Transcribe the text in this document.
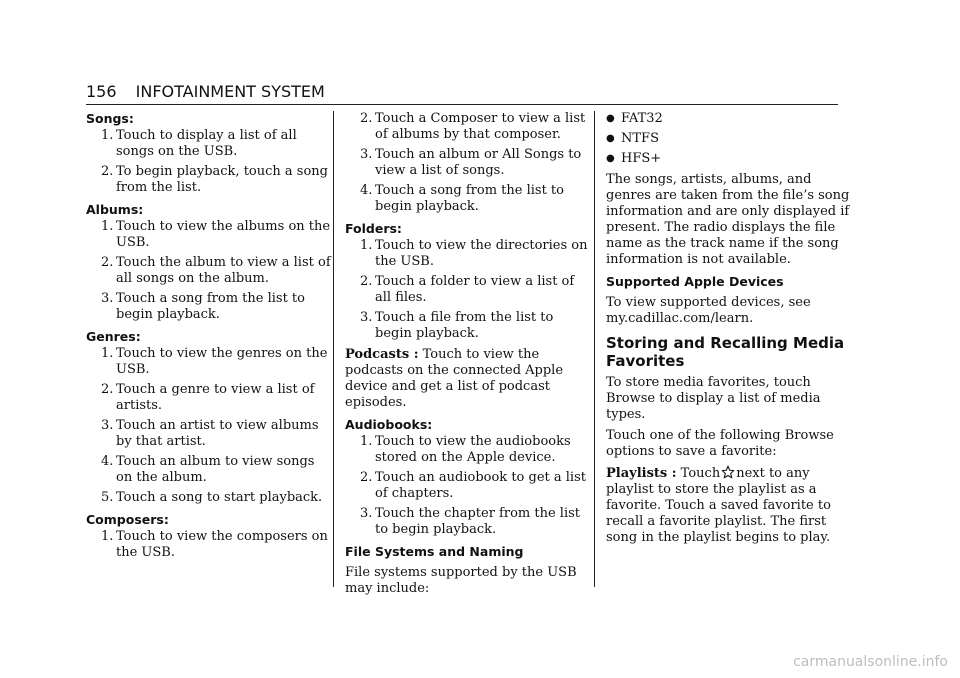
156 INFOTAINMENT SYSTEM
Songs:
1. Touch to display a list of all songs on the USB.
2. To begin playback, touch a song from the list.
Albums:
1. Touch to view the albums on the USB.
2. Touch the album to view a list of all songs on the album.
3. Touch a song from the list to begin playback.
Genres:
1. Touch to view the genres on the USB.
2. Touch a genre to view a list of artists.
3. Touch an artist to view albums by that artist.
4. Touch an album to view songs on the album.
5. Touch a song to start playback.
Composers:
1. Touch to view the composers on the USB.
2. Touch a Composer to view a list of albums by that composer.
3. Touch an album or All Songs to view a list of songs.
4. Touch a song from the list to begin playback.
Folders:
1. Touch to view the directories on the USB.
2. Touch a folder to view a list of all files.
3. Touch a file from the list to begin playback.
Podcasts : Touch to view the podcasts on the connected Apple device and get a list of podcast episodes.
Audiobooks:
1. Touch to view the audiobooks stored on the Apple device.
2. Touch an audiobook to get a list of chapters.
3. Touch the chapter from the list to begin playback.
File Systems and Naming
File systems supported by the USB may include:
● FAT32
● NTFS
● HFS+
The songs, artists, albums, and genres are taken from the file’s song information and are only displayed if present. The radio displays the file name as the track name if the song information is not available.
Supported Apple Devices
To view supported devices, see my.cadillac.com/learn.
Storing and Recalling Media Favorites
To store media favorites, touch Browse to display a list of media types.
Touch one of the following Browse options to save a favorite:
Playlists : Touch next to any playlist to store the playlist as a favorite. Touch a saved favorite to recall a favorite playlist. The first song in the playlist begins to play.
carmanualsonline.info
